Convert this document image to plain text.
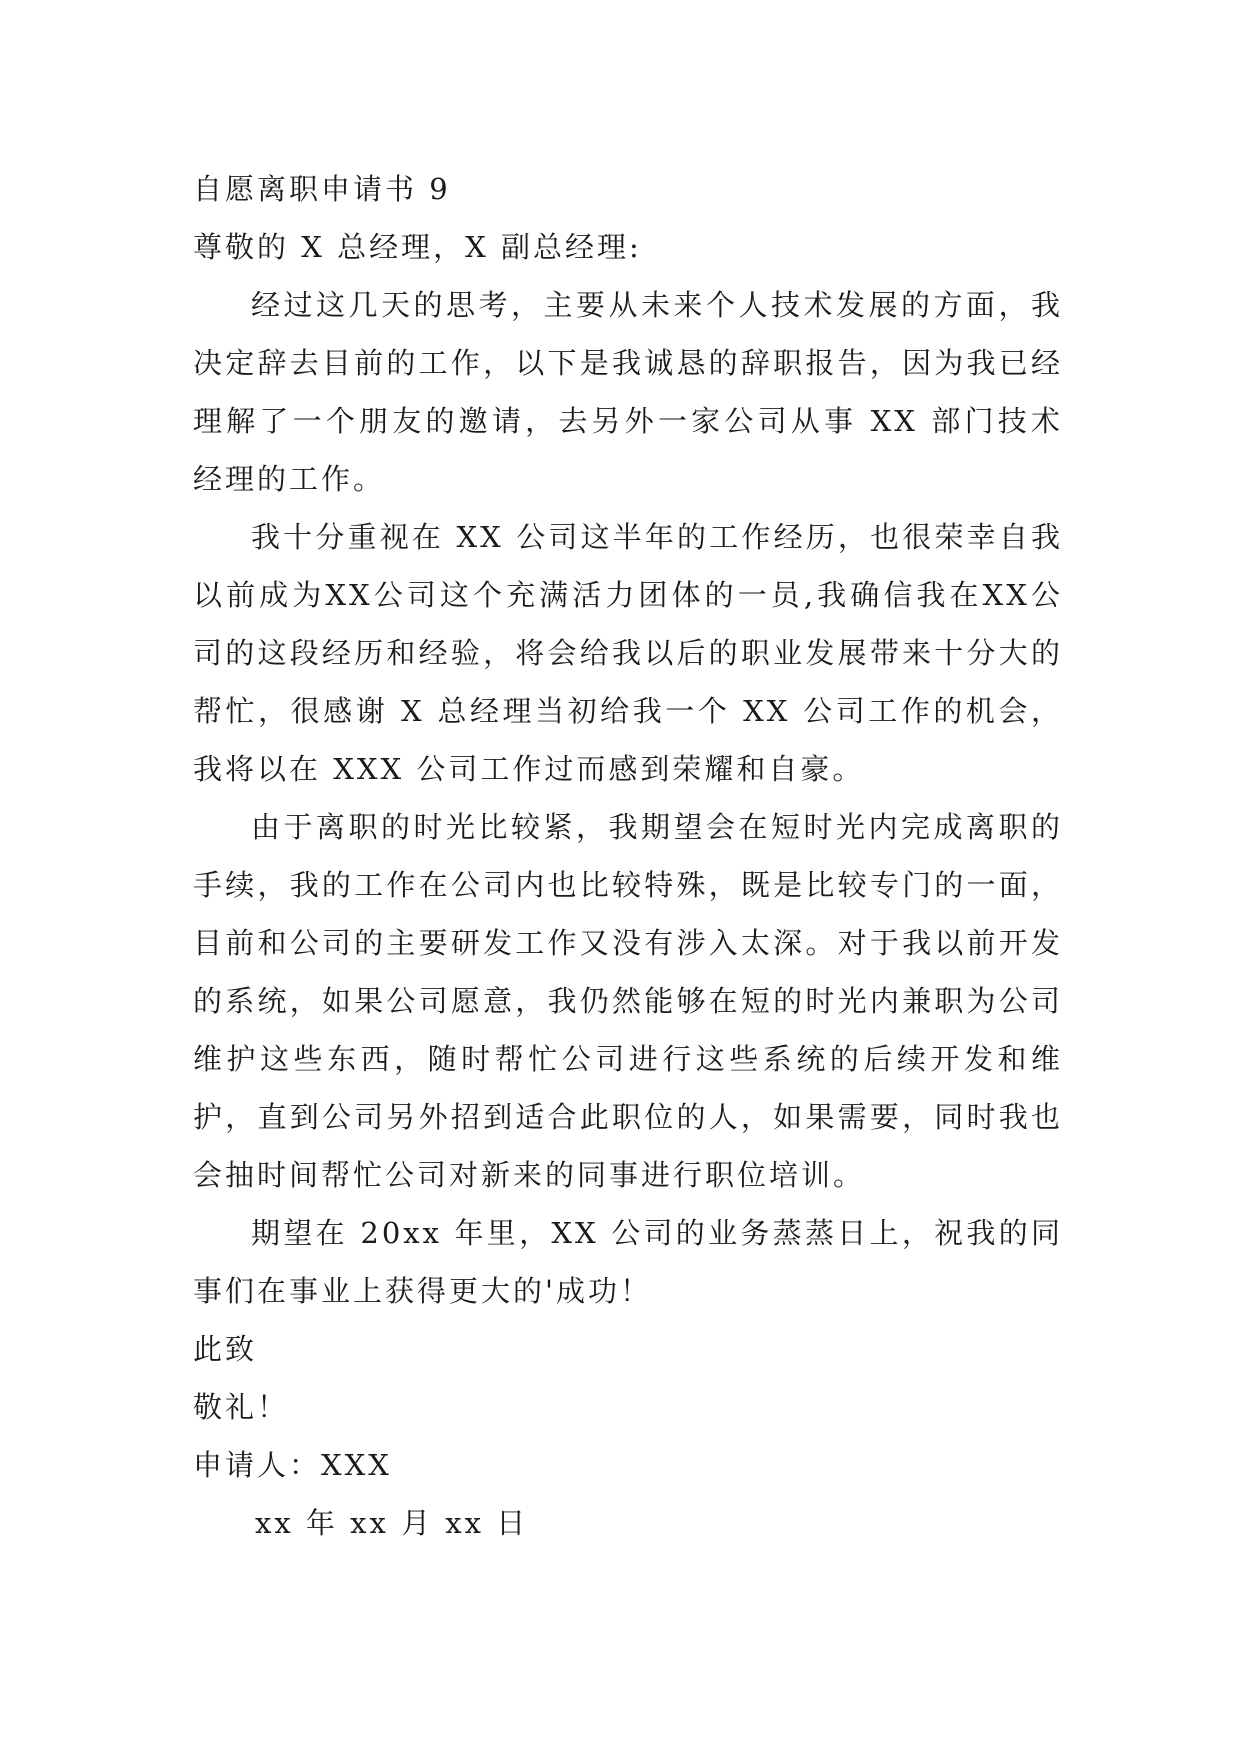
自愿离职申请书 9

尊敬的 X 总经理，X 副总经理:

经过这几天的思考，主要从未来个人技术发展的方面，我决定辞去目前的工作，以下是我诚恳的辞职报告，因为我已经理解了一个朋友的邀请，去另外一家公司从事 XX 部门技术经理的工作。

我十分重视在 XX 公司这半年的工作经历，也很荣幸自我以前成为XX公司这个充满活力团体的一员,我确信我在XX公司的这段经历和经验，将会给我以后的职业发展带来十分大的帮忙，很感谢 X 总经理当初给我一个 XX 公司工作的机会，我将以在 XXX 公司工作过而感到荣耀和自豪。

由于离职的时光比较紧，我期望会在短时光内完成离职的手续，我的工作在公司内也比较特殊，既是比较专门的一面，目前和公司的主要研发工作又没有涉入太深。对于我以前开发的系统，如果公司愿意，我仍然能够在短的时光内兼职为公司维护这些东西，随时帮忙公司进行这些系统的后续开发和维护，直到公司另外招到适合此职位的人，如果需要，同时我也会抽时间帮忙公司对新来的同事进行职位培训。

期望在 20xx 年里，XX 公司的业务蒸蒸日上，祝我的同事们在事业上获得更大的'成功！

此致

敬礼！

申请人：XXX

xx 年 xx 月 xx 日
